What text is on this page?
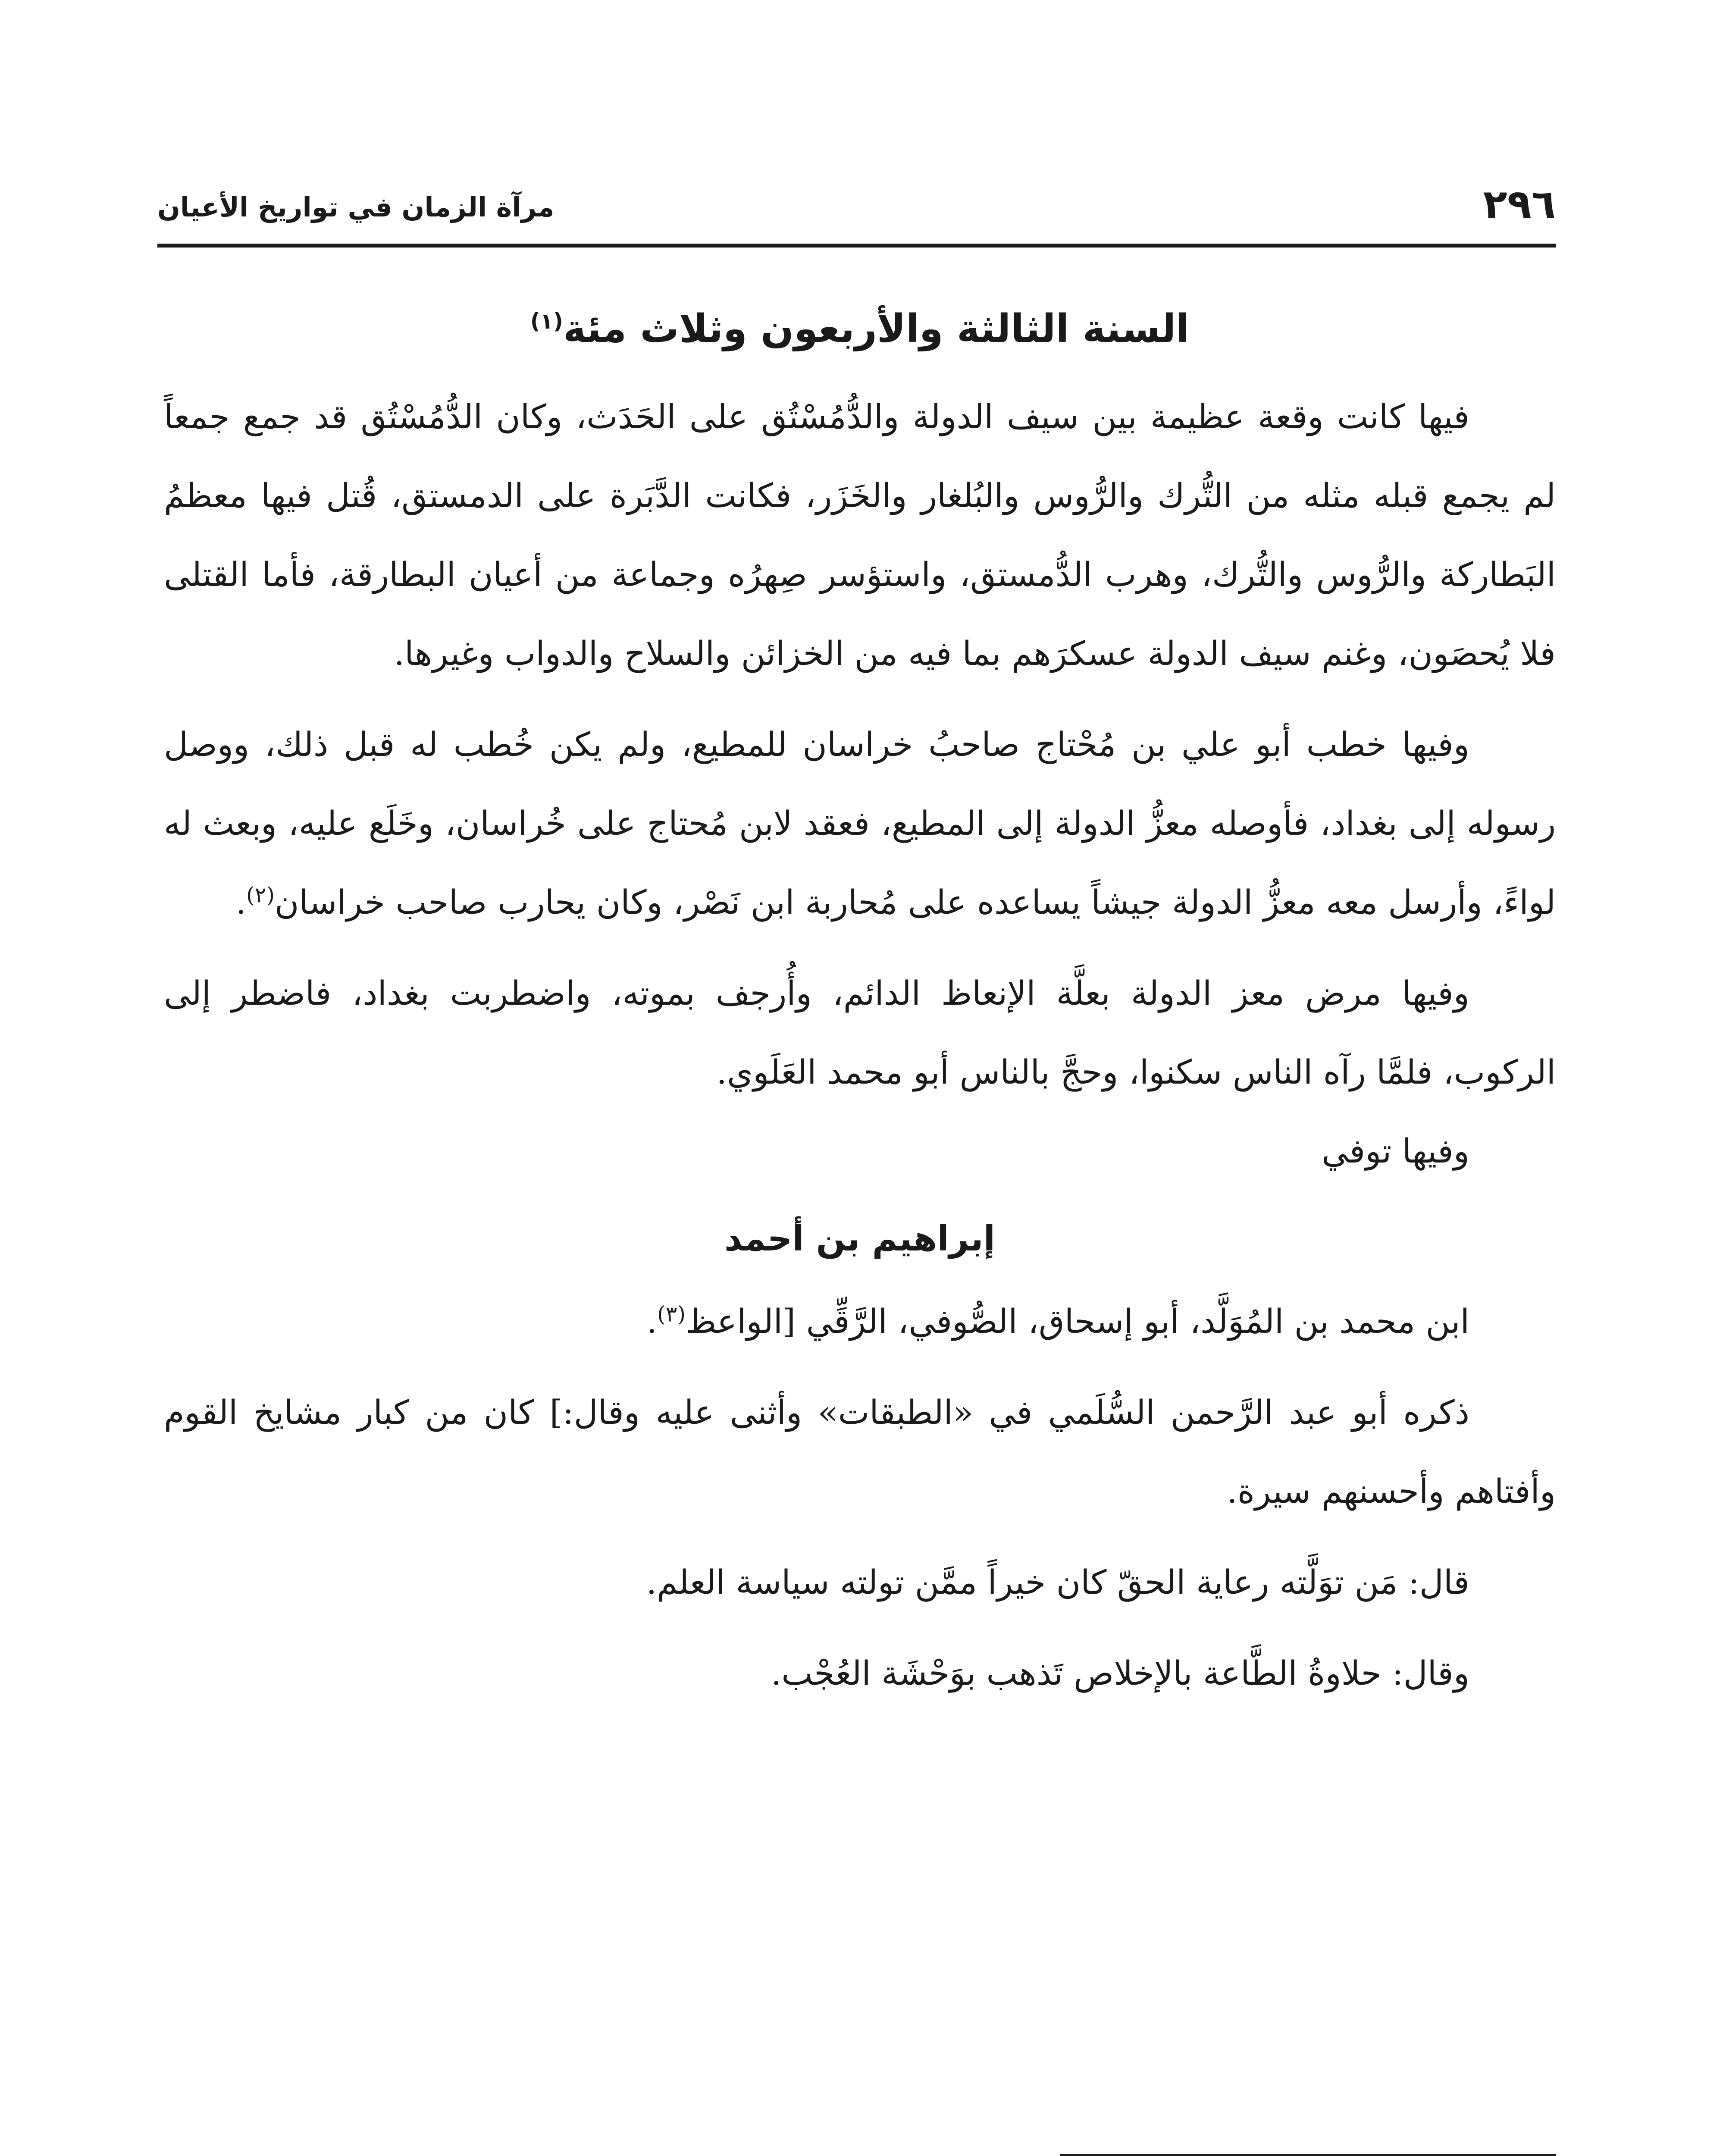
٢٩٦
مرآة الزمان في تواريخ الأعيان
السنة الثالثة والأربعون وثلاث مئة$^{(١)}$

فيها كانت وقعة عظيمة بين سيف الدولة والدُّمُسْتُق على الحَدَث، وكان الدُّمُسْتُق قد جمع جمعاً لم يجمع قبله مثله من التُّرك والرُّوس والبُلغار والخَزَر، فكانت الدَّبَرة على الدمستق، قُتل فيها معظمُ البَطاركة والرُّوس والتُّرك، وهرب الدُّمستق، واستؤسر صِهرُه وجماعة من أعيان البطارقة، فأما القتلى فلا يُحصَون، وغنم سيف الدولة عسكرَهم بما فيه من الخزائن والسلاح والدواب وغيرها.

وفيها خطب أبو علي بن مُحْتاج صاحبُ خراسان للمطيع، ولم يكن خُطب له قبل ذلك، ووصل رسوله إلى بغداد، فأوصله معزُّ الدولة إلى المطيع، فعقد لابن مُحتاج على خُراسان، وخَلَع عليه، وبعث له لواءً، وأرسل معه معزُّ الدولة جيشاً يساعده على مُحاربة ابن نَصْر، وكان يحارب صاحب خراسان$^{(٢)}$.

وفيها مرض معز الدولة بعلَّة الإنعاظ الدائم، وأُرجف بموته، واضطربت بغداد، فاضطر إلى الركوب، فلمَّا رآه الناس سكنوا، وحجَّ بالناس أبو محمد العَلَوي.

وفيها توفي

إبراهيم بن أحمد

ابن محمد بن المُوَلَّد، أبو إسحاق، الصُّوفي، الرَّقِّي [الواعظ$^{(٣)}$.

ذكره أبو عبد الرَّحمن السُّلَمي في «الطبقات» وأثنى عليه وقال:] كان من كبار مشايخ القوم وأفتاهم وأحسنهم سيرة.

قال: مَن توَلَّته رعاية الحقّ كان خيراً ممَّن تولته سياسة العلم.

وقال: حلاوةُ الطَّاعة بالإخلاص تَذهب بوَحْشَة العُجْب.
